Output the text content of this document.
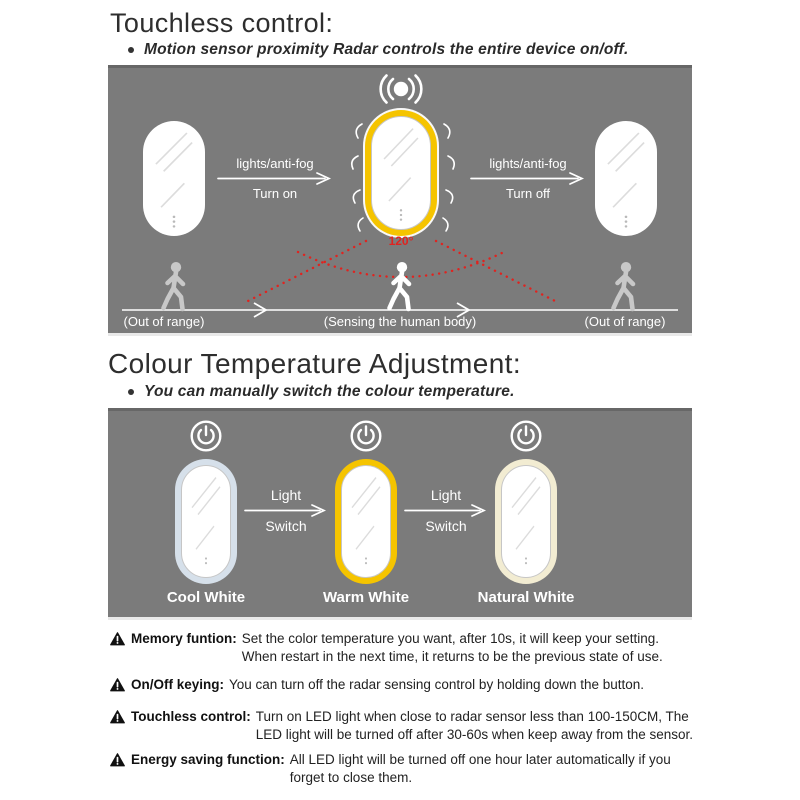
Touchless control:
Motion sensor proximity Radar controls the entire device on/off.
lights/anti-fog
Turn on
lights/anti-fog
Turn off
120°
(Out of range)	(Sensing the human body)	(Out of range)
Colour Temperature Adjustment:
You can manually switch the colour temperature.
Light
Switch
Light
Switch
Cool White	Warm White	Natural White
Memory funtion: Set the color temperature you want, after 10s, it will keep your setting.
When restart in the next time, it returns to be the previous state of use.
On/Off keying: You can turn off the radar sensing control by holding down the button.
Touchless control: Turn on LED light when close to radar sensor less than 100-150CM, The
LED light will be turned off after 30-60s when keep away from the sensor.
Energy saving function: All LED light will be turned off one hour later automatically if you
forget to close them.
